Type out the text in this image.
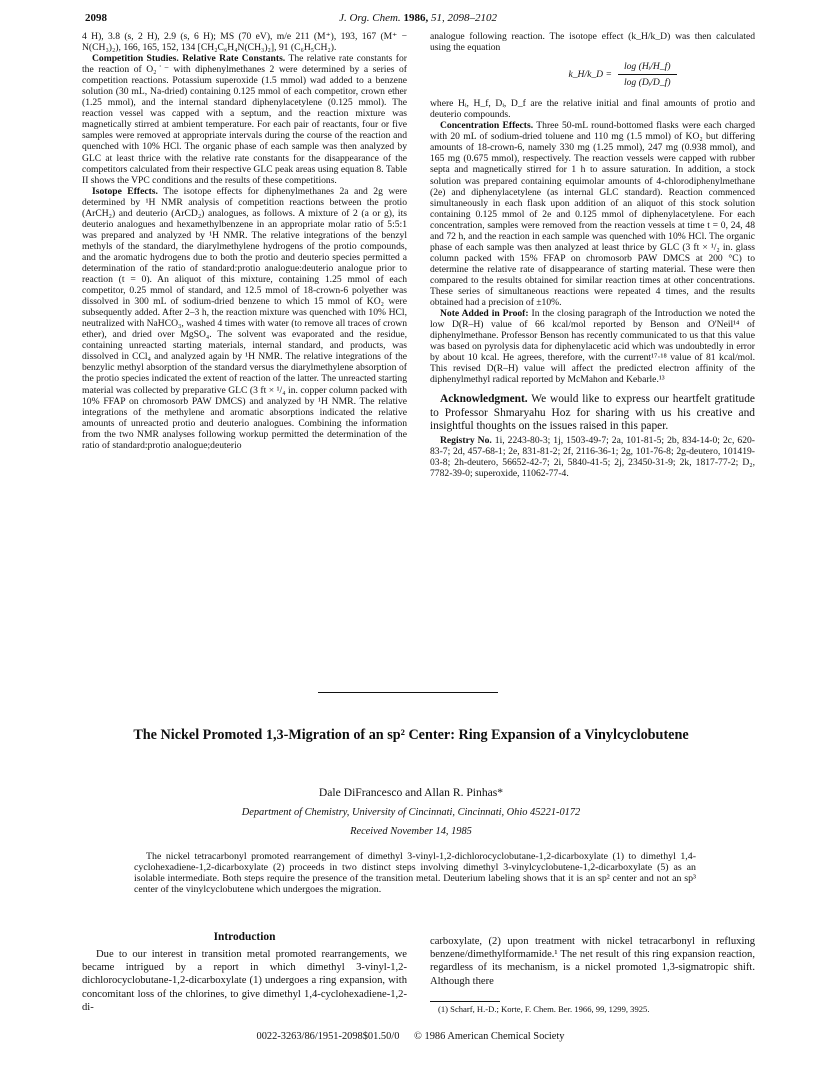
2098	J. Org. Chem. 1986, 51, 2098–2102

4 H), 3.8 (s, 2 H), 2.9 (s, 6 H); MS (70 eV), m/e 211 (M⁺), 193, 167 (M⁺ − N(CH₃)₂), 166, 165, 152, 134 [CH₂C₆H₄N(CH₃)₂], 91 (C₆H₅CH₂).

Competition Studies. Relative Rate Constants. The relative rate constants for the reaction of O₂˙⁻ with diphenylmethanes 2 were determined by a series of competition reactions. Potassium superoxide (1.5 mmol) wad added to a benzene solution (30 mL, Na-dried) containing 0.125 mmol of each competitor, crown ether (1.25 mmol), and the internal standard diphenylacetylene (0.125 mmol). The reaction vessel was capped with a septum, and the reaction mixture was magnetically stirred at ambient temperature. For each pair of reactants, four or five samples were removed at appropriate intervals during the course of the reaction and quenched with 10% HCl. The organic phase of each sample was then analyzed by GLC at least thrice with the relative rate constants for the disappearance of the competitors calculated from their respective GLC peak areas using equation 8. Table II shows the VPC conditions and the results of these competitions.

Isotope Effects. The isotope effects for diphenylmethanes 2a and 2g were determined by ¹H NMR analysis of competition reactions between the protio (ArCH₂) and deuterio (ArCD₂) analogues, as follows. A mixture of 2 (a or g), its deuterio analogues and hexamethylbenzene in an appropriate molar ratio of 5:5:1 was prepared and analyzed by ¹H NMR. The relative integrations of the benzyl methyls of the standard, the diarylmethylene hydrogens of the protio compounds, and the aromatic hydrogens due to both the protio and deuterio species permitted a determination of the ratio of standard:protio analogue:deuterio analogue prior to reaction (t = 0). An aliquot of this mixture, containing 1.25 mmol of each competitor, 0.25 mmol of standard, and 12.5 mmol of 18-crown-6 polyether was dissolved in 300 mL of sodium-dried benzene to which 15 mmol of KO₂ were subsequently added. After 2–3 h, the reaction mixture was quenched with 10% HCl, neutralized with NaHCO₃, washed 4 times with water (to remove all traces of crown ether), and dried over MgSO₄. The solvent was evaporated and the residue, containing unreacted starting materials, internal standard, and products, was dissolved in CCl₄ and analyzed again by ¹H NMR. The relative integrations of the benzylic methyl absorption of the standard versus the diarylmethylene absorption of the protio species indicated the extent of reaction of the latter. The unreacted starting material was collected by preparative GLC (3 ft × ¹/₄ in. copper column packed with 10% FFAP on chromosorb PAW DMCS) and analyzed by ¹H NMR. The relative integrations of the methylene and aromatic absorptions indicated the relative amounts of unreacted protio and deuterio analogues. Combining the information from the two NMR analyses following workup permitted the determination of the ratio of standard:protio analogue;deuterio

analogue following reaction. The isotope effect (k_H/k_D) was then calculated using the equation

k_H/k_D = $\frac{\text{log (Hᵢ/H\_f)}}{\text{log (Dᵢ/D\_f)}}$

where Hᵢ, H_f, Dᵢ, D_f are the relative initial and final amounts of protio and deuterio compounds.

Concentration Effects. Three 50-mL round-bottomed flasks were each charged with 20 mL of sodium-dried toluene and 110 mg (1.5 mmol) of KO₂ but differing amounts of 18-crown-6, namely 330 mg (1.25 mmol), 247 mg (0.938 mmol), and 165 mg (0.675 mmol), respectively. The reaction vessels were capped with rubber septa and magnetically stirred for 1 h to assure saturation. In addition, a stock solution was prepared containing equimolar amounts of 4-chlorodiphenylmethane (2e) and diphenylacetylene (as internal GLC standard). Reaction commenced simultaneously in each flask upon addition of an aliquot of this stock solution containing 0.125 mmol of 2e and 0.125 mmol of diphenylacetylene. For each concentration, samples were removed from the reaction vessels at time t = 0, 24, 48 and 72 h, and the reaction in each sample was quenched with 10% HCl. The organic phase of each sample was then analyzed at least thrice by GLC (3 ft × ¹/₂ in. glass column packed with 15% FFAP on chromosorb PAW DMCS at 200 °C) to determine the relative rate of disappearance of starting material. These were then compared to the results obtained for similar reaction times at other concentrations. These series of simultaneous reactions were repeated 4 times, and the results obtained had a precision of ±10%.

Note Added in Proof: In the closing paragraph of the Introduction we noted the low D(R–H) value of 66 kcal/mol reported by Benson and O'Neil¹⁴ of diphenylmethane. Professor Benson has recently communicated to us that this value was based on pyrolysis data for diphenylacetic acid which was undoubtedly in error by about 10 kcal. He agrees, therefore, with the current¹⁷·¹⁸ value of 81 kcal/mol. This revised D(R–H) value will affect the predicted electron affinity of the diphenylmethyl radical reported by McMahon and Kebarle.¹³

Acknowledgment. We would like to express our heartfelt gratitude to Professor Shmaryahu Hoz for sharing with us his creative and insightful thoughts on the issues raised in this paper.

Registry No. 1i, 2243-80-3; 1j, 1503-49-7; 2a, 101-81-5; 2b, 834-14-0; 2c, 620-83-7; 2d, 457-68-1; 2e, 831-81-2; 2f, 2116-36-1; 2g, 101-76-8; 2g-deutero, 101419-03-8; 2h-deutero, 56652-42-7; 2i, 5840-41-5; 2j, 23450-31-9; 2k, 1817-77-2; D₂, 7782-39-0; superoxide, 11062-77-4.

The Nickel Promoted 1,3-Migration of an sp² Center: Ring Expansion of a Vinylcyclobutene
Dale DiFrancesco and Allan R. Pinhas*
Department of Chemistry, University of Cincinnati, Cincinnati, Ohio 45221-0172
Received November 14, 1985

The nickel tetracarbonyl promoted rearrangement of dimethyl 3-vinyl-1,2-dichlorocyclobutane-1,2-dicarboxylate (1) to dimethyl 1,4-cyclohexadiene-1,2-dicarboxylate (2) proceeds in two distinct steps involving dimethyl 3-vinylcyclobutene-1,2-dicarboxylate (5) as an isolable intermediate. Both steps require the presence of the transition metal. Deuterium labeling shows that it is an sp² center and not an sp³ center of the vinylcyclobutene which undergoes the migration.

Introduction

Due to our interest in transition metal promoted rearrangements, we became intrigued by a report in which dimethyl 3-vinyl-1,2-dichlorocyclobutane-1,2-dicarboxylate (1) undergoes a ring expansion, with concomitant loss of the chlorines, to give dimethyl 1,4-cyclohexadiene-1,2-di-

carboxylate, (2) upon treatment with nickel tetracarbonyl in refluxing benzene/dimethylformamide.¹ The net result of this ring expansion reaction, regardless of its mechanism, is a nickel promoted 1,3-sigmatropic shift. Although there

(1) Scharf, H.-D.; Korte, F. Chem. Ber. 1966, 99, 1299, 3925.

0022-3263/86/1951-2098$01.50/0 © 1986 American Chemical Society
